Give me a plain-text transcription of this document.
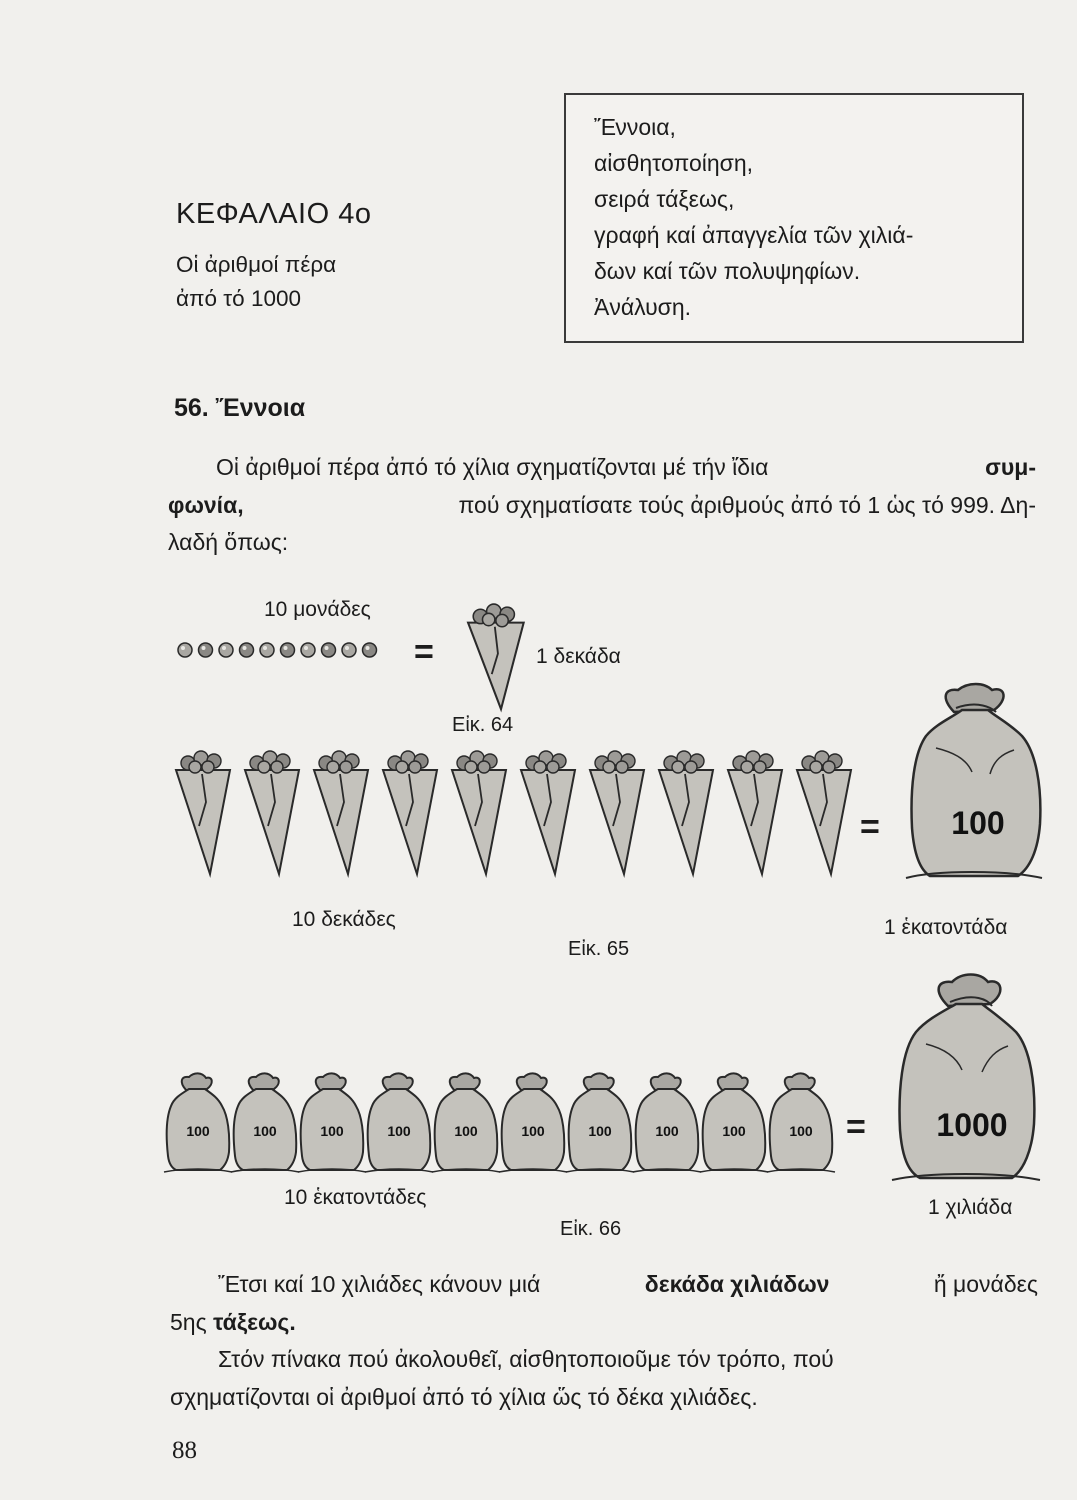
ΚΕΦΑΛΑΙΟ 4ο
Οἱ ἀριθμοί πέρα
ἀπό τό 1000
Ἔννοια,
αἰσθητοποίηση,
σειρά τάξεως,
γραφή καί ἀπαγγελία τῶν χιλιά-
δων καί τῶν πολυψηφίων.
Ἀνάλυση.
56. Ἔννοια
Οἱ ἀριθμοί πέρα ἀπό τό χίλια σχηματίζονται μέ τήν ἴδια	συμ-
φωνία,	πού σχηματίσατε τούς ἀριθμούς ἀπό τό 1 ὡς τό 999. Δη-
λαδή ὅπως:
10 μονάδες
=	1 δεκάδα
Εἰκ. 64
= 100
10 δεκάδες	1 ἑκατοντάδα
Εἰκ. 65
100	100	100	100	100	100	100	100	100	100 = 1000
10 ἑκατοντάδες	1 χιλιάδα
Εἰκ. 66
Ἔτσι καί 10 χιλιάδες κάνουν μιά	δεκάδα χιλιάδων	ἤ μονάδες
5ης τάξεως.
Στόν πίνακα πού ἀκολουθεῖ, αἰσθητοποιοῦμε τόν τρόπο, πού
σχηματίζονται οἱ ἀριθμοί ἀπό τό χίλια ὥς τό δέκα χιλιάδες.
88
